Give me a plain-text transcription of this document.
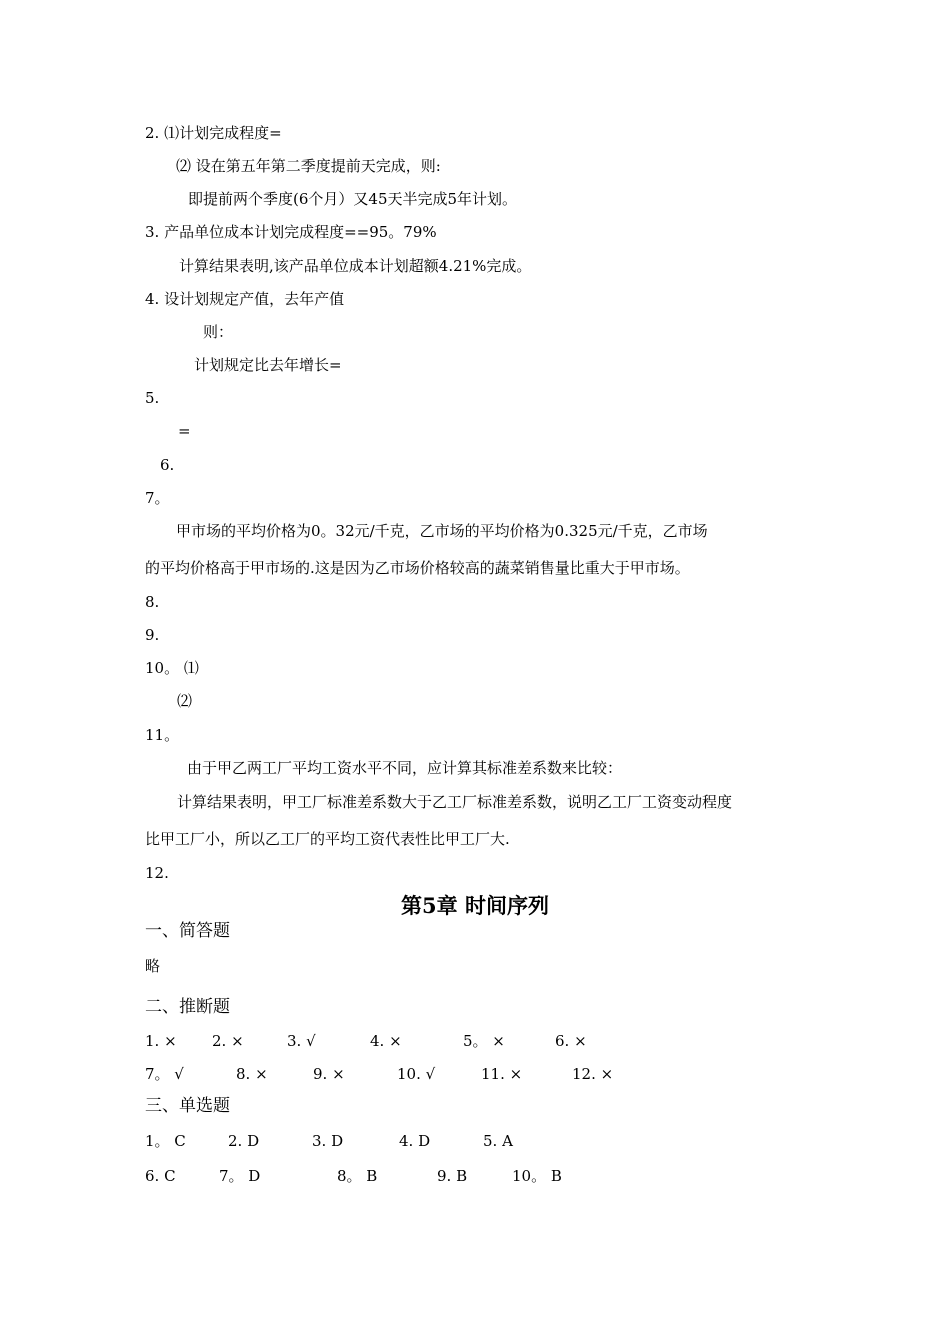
2. ⑴计划完成程度=
⑵ 设在第五年第二季度提前天完成，则:
即提前两个季度(6个月）又45天半完成5年计划。
3. 产品单位成本计划完成程度==95。79%
计算结果表明,该产品单位成本计划超额4.21%完成。
4. 设计划规定产值，去年产值
则：
计划规定比去年增长=
5.
=
6.
7。
甲市场的平均价格为0。32元/千克，乙市场的平均价格为0.325元/千克，乙市场
的平均价格高于甲市场的.这是因为乙市场价格较高的蔬菜销售量比重大于甲市场。
8.
9.
10。 ⑴
⑵
11。
由于甲乙两工厂平均工资水平不同，应计算其标准差系数来比较：
计算结果表明，甲工厂标准差系数大于乙工厂标准差系数，说明乙工厂工资变动程度
比甲工厂小，所以乙工厂的平均工资代表性比甲工厂大.
12.
第5章 时间序列
一、简答题
略
二、推断题
1. × 2. ×	3. √	4. ×	5。 ×	6. ×
7。 √	8. ×	9. ×	10. √	11. ×	12. ×
三、单选题
1。 C	2. D	3. D	4. D	5. A
6. C	7。 D	8。 B	9. B	10。 B
